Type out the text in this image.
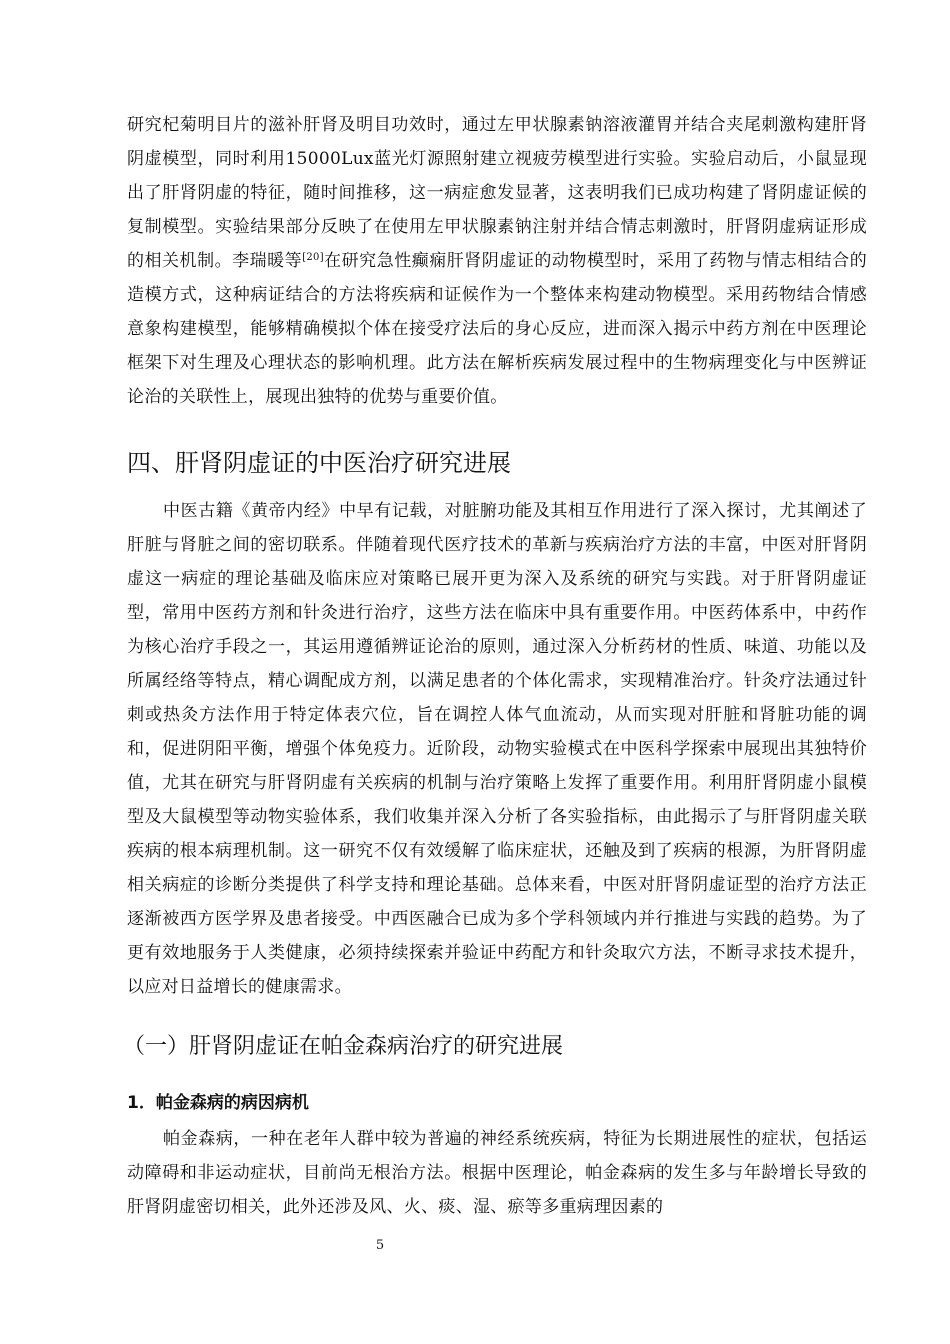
研究杞菊明目片的滋补肝肾及明目功效时，通过左甲状腺素钠溶液灌胃并结合夹尾刺激构建肝肾阴虚模型，同时利用15000Lux蓝光灯源照射建立视疲劳模型进行实验。实验启动后，小鼠显现出了肝肾阴虚的特征，随时间推移，这一病症愈发显著，这表明我们已成功构建了肾阴虚证候的复制模型。实验结果部分反映了在使用左甲状腺素钠注射并结合情志刺激时，肝肾阴虚病证形成的相关机制。李瑞暖等[20]在研究急性癫痫肝肾阴虚证的动物模型时，采用了药物与情志相结合的造模方式，这种病证结合的方法将疾病和证候作为一个整体来构建动物模型。采用药物结合情感意象构建模型，能够精确模拟个体在接受疗法后的身心反应，进而深入揭示中药方剂在中医理论框架下对生理及心理状态的影响机理。此方法在解析疾病发展过程中的生物病理变化与中医辨证论治的关联性上，展现出独特的优势与重要价值。

四、肝肾阴虚证的中医治疗研究进展

中医古籍《黄帝内经》中早有记载，对脏腑功能及其相互作用进行了深入探讨，尤其阐述了肝脏与肾脏之间的密切联系。伴随着现代医疗技术的革新与疾病治疗方法的丰富，中医对肝肾阴虚这一病症的理论基础及临床应对策略已展开更为深入及系统的研究与实践。对于肝肾阴虚证型，常用中医药方剂和针灸进行治疗，这些方法在临床中具有重要作用。中医药体系中，中药作为核心治疗手段之一，其运用遵循辨证论治的原则，通过深入分析药材的性质、味道、功能以及所属经络等特点，精心调配成方剂，以满足患者的个体化需求，实现精准治疗。针灸疗法通过针刺或热灸方法作用于特定体表穴位，旨在调控人体气血流动，从而实现对肝脏和肾脏功能的调和，促进阴阳平衡，增强个体免疫力。近阶段，动物实验模式在中医科学探索中展现出其独特价值，尤其在研究与肝肾阴虚有关疾病的机制与治疗策略上发挥了重要作用。利用肝肾阴虚小鼠模型及大鼠模型等动物实验体系，我们收集并深入分析了各实验指标，由此揭示了与肝肾阴虚关联疾病的根本病理机制。这一研究不仅有效缓解了临床症状，还触及到了疾病的根源，为肝肾阴虚相关病症的诊断分类提供了科学支持和理论基础。总体来看，中医对肝肾阴虚证型的治疗方法正逐渐被西方医学界及患者接受。中西医融合已成为多个学科领域内并行推进与实践的趋势。为了更有效地服务于人类健康，必须持续探索并验证中药配方和针灸取穴方法，不断寻求技术提升，以应对日益增长的健康需求。

（一）肝肾阴虚证在帕金森病治疗的研究进展
1．帕金森病的病因病机

帕金森病，一种在老年人群中较为普遍的神经系统疾病，特征为长期进展性的症状，包括运动障碍和非运动症状，目前尚无根治方法。根据中医理论，帕金森病的发生多与年龄增长导致的肝肾阴虚密切相关，此外还涉及风、火、痰、湿、瘀等多重病理因素的

5
